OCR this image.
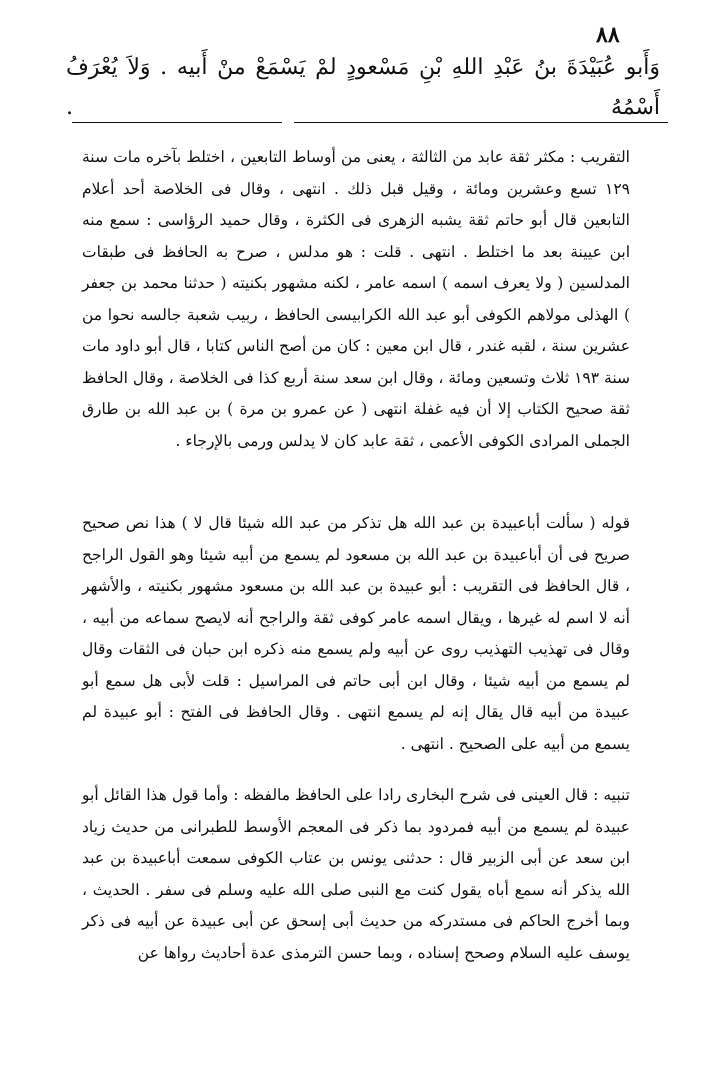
٨٨
وَأَبو عُبَيْدَةَ بنُ عَبْدِ اللهِ بْنِ مَسْعودٍ لمْ يَسْمَعْ منْ أَبيه . وَلاَ يُعْرَفُ أَسْمُهُ .

التقريب : مكثر ثقة عابد من الثالثة ، يعنى من أوساط التابعين ، اختلط بآخره مات سنة ١٢٩ تسع وعشرين ومائة ، وقيل قبل ذلك . انتهى ، وقال فى الخلاصة أحد أعلام التابعين قال أبو حاتم ثقة يشبه الزهرى فى الكثرة ، وقال حميد الرؤاسى : سمع منه ابن عيينة بعد ما اختلط . انتهى . قلت : هو مدلس ، صرح به الحافظ فى طبقات المدلسين ( ولا يعرف اسمه ) اسمه عامر ، لكنه مشهور بكنيته ( حدثنا محمد بن جعفر ) الهذلى مولاهم الكوفى أبو عبد الله الكرابيسى الحافظ ، ربيب شعبة جالسه نحوا من عشرين سنة ، لقبه غندر ، قال ابن معين : كان من أصح الناس كتابا ، قال أبو داود مات سنة ١٩٣ ثلاث وتسعين ومائة ، وقال ابن سعد سنة أربع كذا فى الخلاصة ، وقال الحافظ ثقة صحيح الكتاب إلا أن فيه غفلة انتهى ( عن عمرو بن مرة ) بن عبد الله بن طارق الجملى المرادى الكوفى الأعمى ، ثقة عابد كان لا يدلس ورمى بالإرجاء .

قوله ( سألت أباعبيدة بن عبد الله هل تذكر من عبد الله شيئا قال لا ) هذا نص صحيح صريح فى أن أباعبيدة بن عبد الله بن مسعود لم يسمع من أبيه شيئا وهو القول الراجح ، قال الحافظ فى التقريب : أبو عبيدة بن عبد الله بن مسعود مشهور بكنيته ، والأشهر أنه لا اسم له غيرها ، ويقال اسمه عامر كوفى ثقة والراجح أنه لايصح سماعه من أبيه ، وقال فى تهذيب التهذيب روى عن أبيه ولم يسمع منه ذكره ابن حبان فى الثقات وقال لم يسمع من أبيه شيئا ، وقال ابن أبى حاتم فى المراسيل : قلت لأبى هل سمع أبو عبيدة من أبيه قال يقال إنه لم يسمع انتهى . وقال الحافظ فى الفتح : أبو عبيدة لم يسمع من أبيه على الصحيح . انتهى .

تنبيه : قال العينى فى شرح البخارى رادا على الحافظ مالفظه : وأما قول هذا القائل أبو عبيدة لم يسمع من أبيه فمردود بما ذكر فى المعجم الأوسط للطبرانى من حديث زياد ابن سعد عن أبى الزبير قال : حدثنى يونس بن عتاب الكوفى سمعت أباعبيدة بن عبد الله يذكر أنه سمع أباه يقول كنت مع النبى صلى الله عليه وسلم فى سفر . الحديث ، وبما أخرج الحاكم فى مستدركه من حديث أبى إسحق عن أبى عبيدة عن أبيه فى ذكر يوسف عليه السلام وصحح إسناده ، وبما حسن الترمذى عدة أحاديث رواها عن
